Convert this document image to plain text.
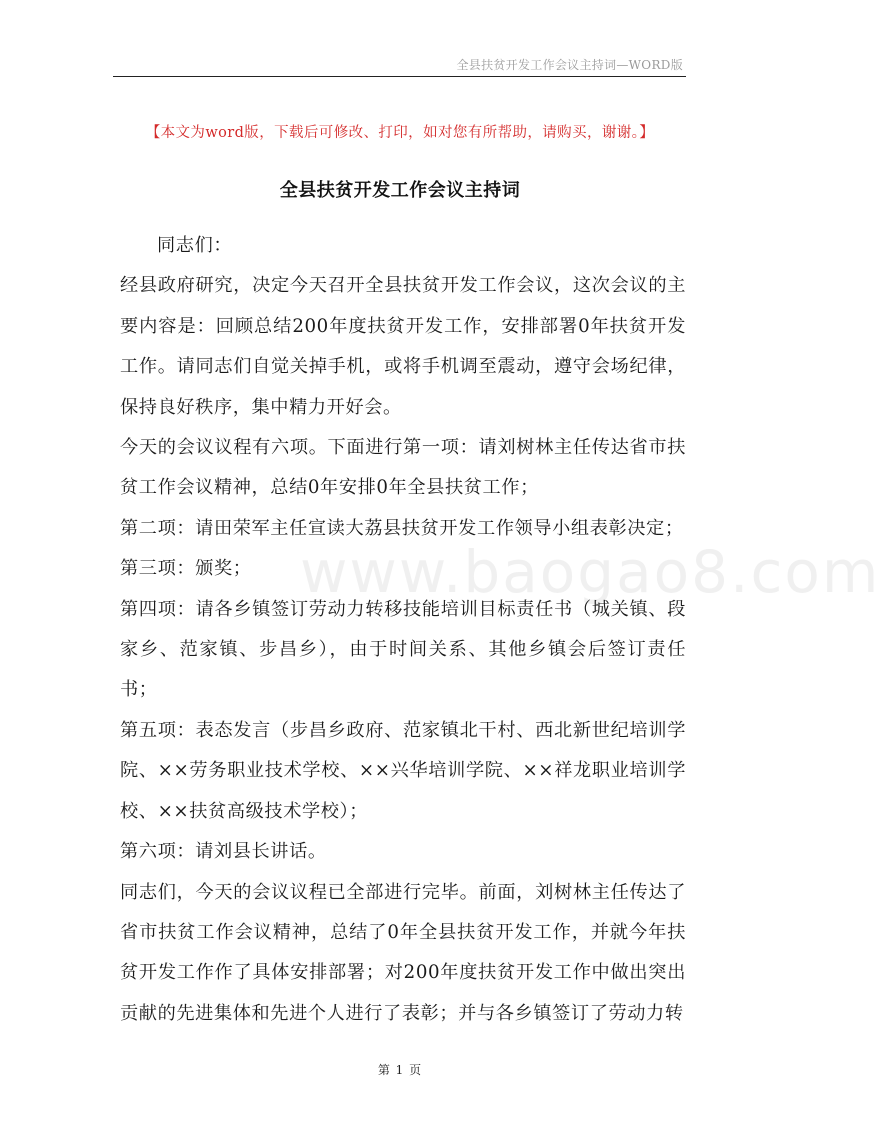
全县扶贫开发工作会议主持词—WORD版
【本文为word版，下载后可修改、打印，如对您有所帮助，请购买，谢谢。】
全县扶贫开发工作会议主持词
www.baogao8.com

同志们：

经县政府研究，决定今天召开全县扶贫开发工作会议，这次会议的主要内容是：回顾总结200年度扶贫开发工作，安排部署0年扶贫开发工作。请同志们自觉关掉手机，或将手机调至震动，遵守会场纪律，保持良好秩序，集中精力开好会。

今天的会议议程有六项。下面进行第一项：请刘树林主任传达省市扶贫工作会议精神，总结0年安排0年全县扶贫工作；

第二项：请田荣军主任宣读大荔县扶贫开发工作领导小组表彰决定；

第三项：颁奖；

第四项：请各乡镇签订劳动力转移技能培训目标责任书（城关镇、段家乡、范家镇、步昌乡），由于时间关系、其他乡镇会后签订责任书；

第五项：表态发言（步昌乡政府、范家镇北干村、西北新世纪培训学院、××劳务职业技术学校、××兴华培训学院、××祥龙职业培训学校、××扶贫高级技术学校）；

第六项：请刘县长讲话。

同志们，今天的会议议程已全部进行完毕。前面，刘树林主任传达了省市扶贫工作会议精神，总结了0年全县扶贫开发工作，并就今年扶贫开发工作作了具体安排部署；对200年度扶贫开发工作中做出突出贡献的先进集体和先进个人进行了表彰；并与各乡镇签订了劳动力转

第 1 页
